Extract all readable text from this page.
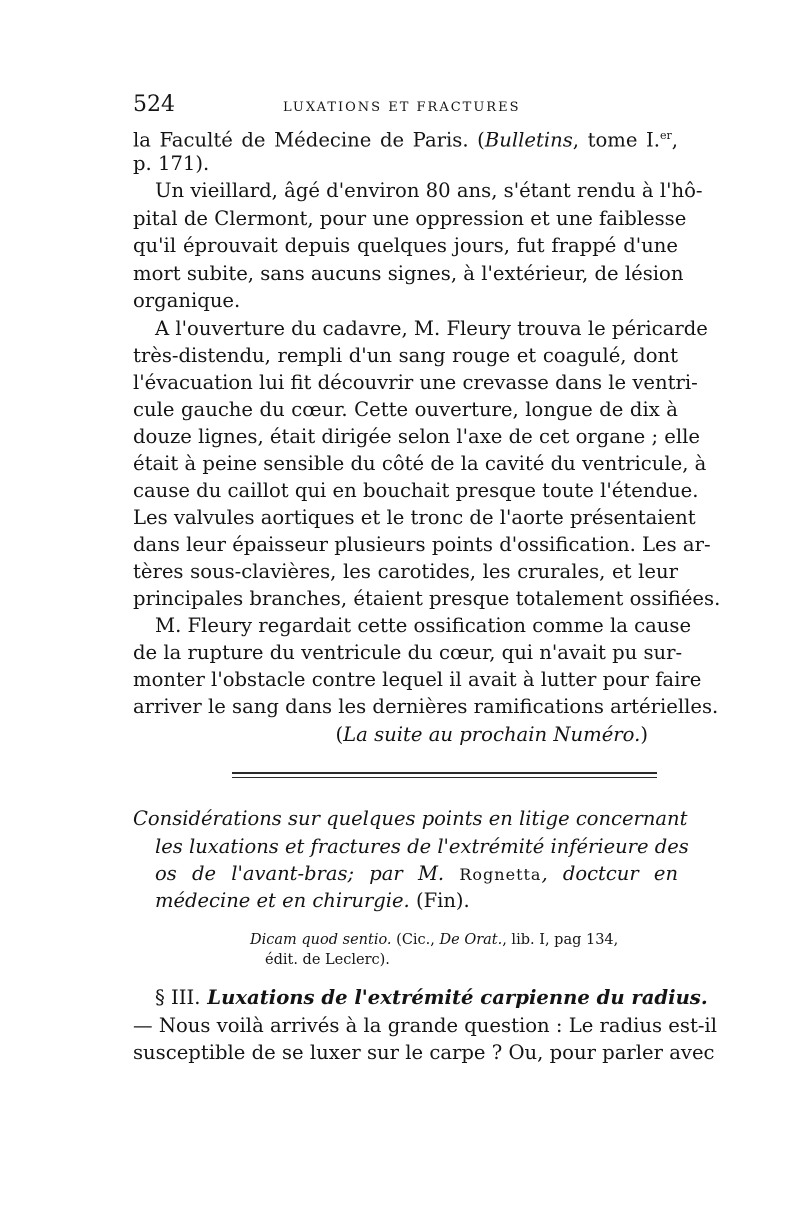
524	LUXATIONS ET FRACTURES
la Faculté de Médecine de Paris. (Bulletins, tome I.$^{er}$,
p. 171).
Un vieillard, âgé d'environ 80 ans, s'étant rendu à l'hô-
pital de Clermont, pour une oppression et une faiblesse
qu'il éprouvait depuis quelques jours, fut frappé d'une
mort subite, sans aucuns signes, à l'extérieur, de lésion
organique.
A l'ouverture du cadavre, M. Fleury trouva le péricarde
très-distendu, rempli d'un sang rouge et coagulé, dont
l'évacuation lui fit découvrir une crevasse dans le ventri-
cule gauche du cœur. Cette ouverture, longue de dix à
douze lignes, était dirigée selon l'axe de cet organe ; elle
était à peine sensible du côté de la cavité du ventricule, à
cause du caillot qui en bouchait presque toute l'étendue.
Les valvules aortiques et le tronc de l'aorte présentaient
dans leur épaisseur plusieurs points d'ossification. Les ar-
tères sous-clavières, les carotides, les crurales, et leur
principales branches, étaient presque totalement ossifiées.
M. Fleury regardait cette ossification comme la cause
de la rupture du ventricule du cœur, qui n'avait pu sur-
monter l'obstacle contre lequel il avait à lutter pour faire
arriver le sang dans les dernières ramifications artérielles.
(La suite au prochain Numéro.)
Considérations sur quelques points en litige concernant
les luxations et fractures de l'extrémité inférieure des
os de l'avant-bras; par M. Rognetta, doctcur en
médecine et en chirurgie. (Fin).
Dicam quod sentio. (Cic., De Orat., lib. I, pag 134,
édit. de Leclerc).
§ III. Luxations de l'extrémité carpienne du radius.
— Nous voilà arrivés à la grande question : Le radius est-il
susceptible de se luxer sur le carpe ? Ou, pour parler avec
